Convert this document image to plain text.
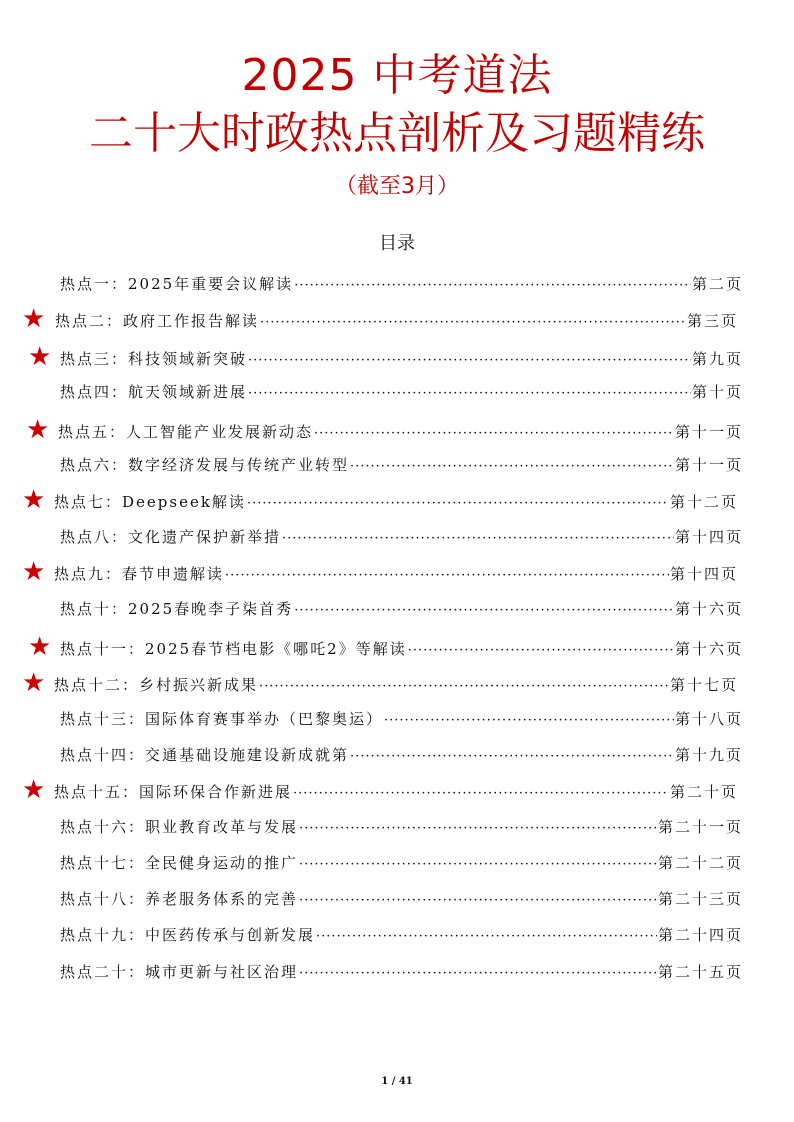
2025 中考道法
二十大时政热点剖析及习题精练
（截至3月）
目录
热点一：2025年重要会议解读 ·····	第二页
★ 热点二：政府工作报告解读 ·····	第三页
★ 热点三：科技领域新突破 ·····	第九页
热点四：航天领域新进展 ·····	第十页
★ 热点五：人工智能产业发展新动态 ·····	第十一页
热点六：数字经济发展与传统产业转型 ·····	第十一页
★ 热点七：Deepseek解读 ·····	第十二页
热点八：文化遗产保护新举措 ·····	第十四页
★ 热点九：春节申遗解读 ·····	第十四页
热点十：2025春晚李子柒首秀 ·····	第十六页
★ 热点十一：2025春节档电影《哪吒2》等解读 ·····	第十六页
★ 热点十二：乡村振兴新成果 ·····	第十七页
热点十三：国际体育赛事举办（巴黎奥运） ·····	第十八页
热点十四：交通基础设施建设新成就第 ·····	第十九页
★ 热点十五：国际环保合作新进展 ·····	第二十页
热点十六：职业教育改革与发展 ·····	第二十一页
热点十七：全民健身运动的推广 ·····	第二十二页
热点十八：养老服务体系的完善 ·····	第二十三页
热点十九：中医药传承与创新发展 ·····	第二十四页
热点二十：城市更新与社区治理 ·····	第二十五页
1 / 41
